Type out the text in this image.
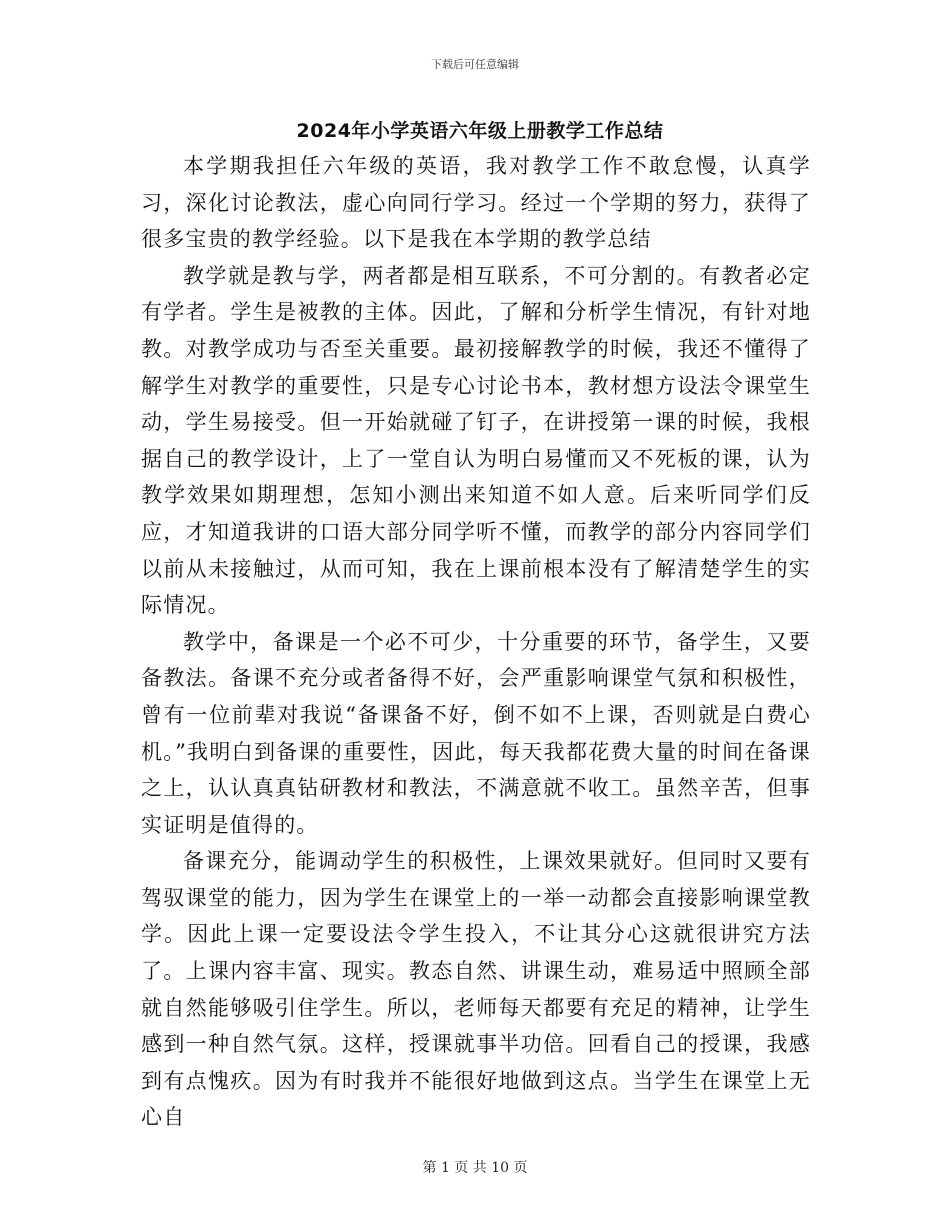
下载后可任意编辑
2024年小学英语六年级上册教学工作总结

本学期我担任六年级的英语，我对教学工作不敢怠慢，认真学习，深化讨论教法，虚心向同行学习。经过一个学期的努力，获得了很多宝贵的教学经验。以下是我在本学期的教学总结

教学就是教与学，两者都是相互联系，不可分割的。有教者必定有学者。学生是被教的主体。因此，了解和分析学生情况，有针对地教。对教学成功与否至关重要。最初接解教学的时候，我还不懂得了解学生对教学的重要性，只是专心讨论书本，教材想方设法令课堂生动，学生易接受。但一开始就碰了钉子，在讲授第一课的时候，我根据自己的教学设计，上了一堂自认为明白易懂而又不死板的课，认为教学效果如期理想，怎知小测出来知道不如人意。后来听同学们反应，才知道我讲的口语大部分同学听不懂，而教学的部分内容同学们以前从未接触过，从而可知，我在上课前根本没有了解清楚学生的实际情况。

教学中，备课是一个必不可少，十分重要的环节，备学生，又要备教法。备课不充分或者备得不好，会严重影响课堂气氛和积极性，曾有一位前辈对我说“备课备不好，倒不如不上课，否则就是白费心机。”我明白到备课的重要性，因此，每天我都花费大量的时间在备课之上，认认真真钻研教材和教法，不满意就不收工。虽然辛苦，但事实证明是值得的。

备课充分，能调动学生的积极性，上课效果就好。但同时又要有驾驭课堂的能力，因为学生在课堂上的一举一动都会直接影响课堂教学。因此上课一定要设法令学生投入，不让其分心这就很讲究方法了。上课内容丰富、现实。教态自然、讲课生动，难易适中照顾全部就自然能够吸引住学生。所以，老师每天都要有充足的精神，让学生感到一种自然气氛。这样，授课就事半功倍。回看自己的授课，我感到有点愧疚。因为有时我并不能很好地做到这点。当学生在课堂上无心自

第 1 页 共 10 页
